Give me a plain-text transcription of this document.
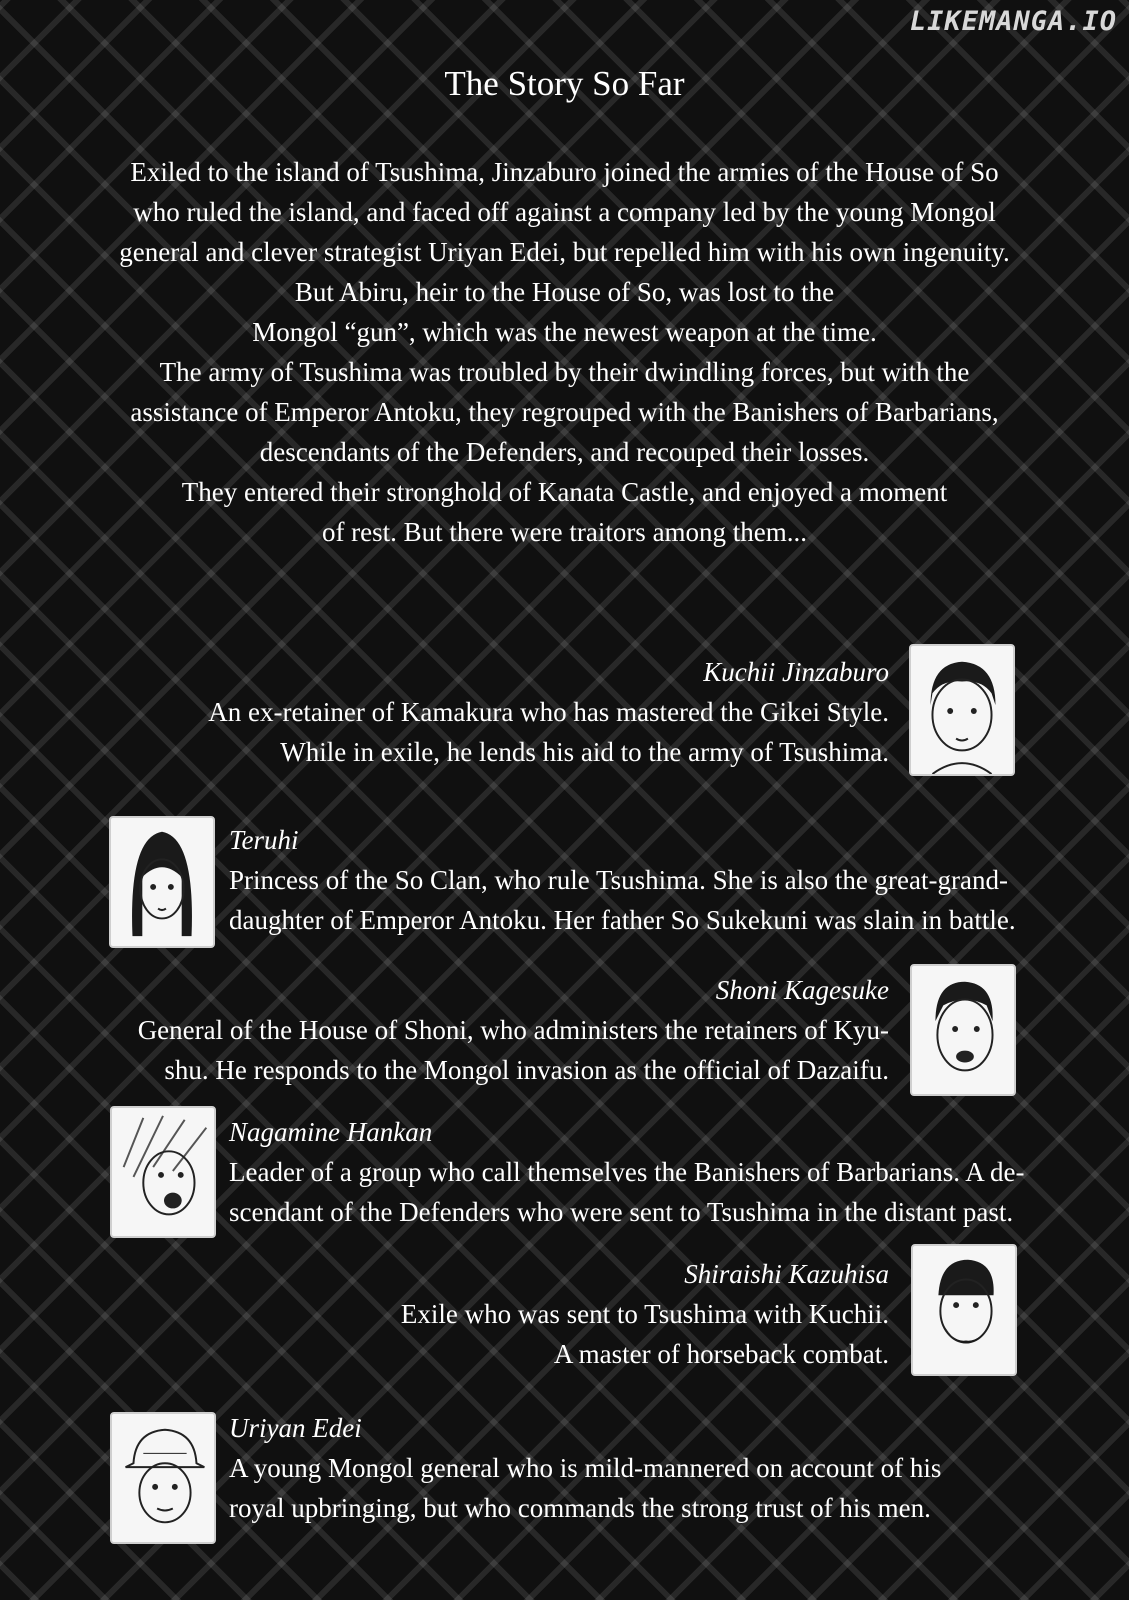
LIKEMANGA.IO
The Story So Far

Exiled to the island of Tsushima, Jinzaburo joined the armies of the House of So

who ruled the island, and faced off against a company led by the young Mongol

general and clever strategist Uriyan Edei, but repelled him with his own ingenuity.

But Abiru, heir to the House of So, was lost to the

Mongol “gun”, which was the newest weapon at the time.

The army of Tsushima was troubled by their dwindling forces, but with the

assistance of Emperor Antoku, they regrouped with the Banishers of Barbarians,

descendants of the Defenders, and recouped their losses.

They entered their stronghold of Kanata Castle, and enjoyed a moment

of rest. But there were traitors among them...

Kuchii Jinzaburo

An ex-retainer of Kamakura who has mastered the Gikei Style.

While in exile, he lends his aid to the army of Tsushima.

Teruhi

Princess of the So Clan, who rule Tsushima. She is also the great-grand-

daughter of Emperor Antoku. Her father So Sukekuni was slain in battle.

Shoni Kagesuke

General of the House of Shoni, who administers the retainers of Kyu-

shu. He responds to the Mongol invasion as the official of Dazaifu.

Nagamine Hankan

Leader of a group who call themselves the Banishers of Barbarians. A de-

scendant of the Defenders who were sent to Tsushima in the distant past.

Shiraishi Kazuhisa

Exile who was sent to Tsushima with Kuchii.

A master of horseback combat.

Uriyan Edei

A young Mongol general who is mild-mannered on account of his

royal upbringing, but who commands the strong trust of his men.
